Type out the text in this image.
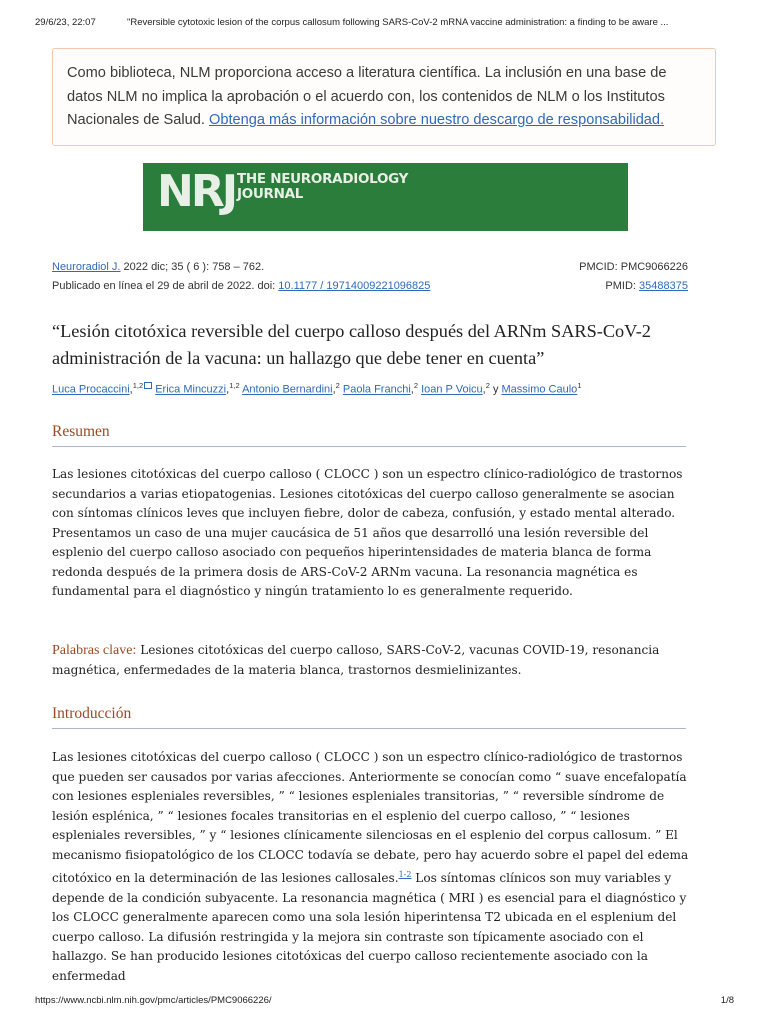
29/6/23, 22:07	"Reversible cytotoxic lesion of the corpus callosum following SARS-CoV-2 mRNA vaccine administration: a finding to be aware ...
Como biblioteca, NLM proporciona acceso a literatura científica. La inclusión en una base de datos NLM no implica la aprobación o el acuerdo con, los contenidos de NLM o los Institutos Nacionales de Salud. Obtenga más información sobre nuestro descargo de responsabilidad.
NRJ THE NEURORADIOLOGY
JOURNAL
Neuroradiol J. 2022 dic; 35 ( 6 ): 758 – 762.	PMCID: PMC9066226
Publicado en línea el 29 de abril de 2022. doi: 10.1177 / 19714009221096825	PMID: 35488375
“Lesión citotóxica reversible del cuerpo calloso después del ARNm SARS-CoV-2 administración de la vacuna: un hallazgo que debe tener en cuenta”
Luca Procaccini,$^{1,2}$ Erica Mincuzzi,$^{1,2}$ Antonio Bernardini,$^2$ Paola Franchi,$^2$ Ioan P Voicu,$^2$ y Massimo Caulo$^1$
Resumen
Las lesiones citotóxicas del cuerpo calloso ( CLOCC ) son un espectro clínico-radiológico de trastornos secundarios a varias etiopatogenias. Lesiones citotóxicas del cuerpo calloso generalmente se asocian con síntomas clínicos leves que incluyen fiebre, dolor de cabeza, confusión, y estado mental alterado. Presentamos un caso de una mujer caucásica de 51 años que desarrolló una lesión reversible del esplenio del cuerpo calloso asociado con pequeños hiperintensidades de materia blanca de forma redonda después de la primera dosis de ARS-CoV-2 ARNm vacuna. La resonancia magnética es fundamental para el diagnóstico y ningún tratamiento lo es generalmente requerido.
Palabras clave: Lesiones citotóxicas del cuerpo calloso, SARS-CoV-2, vacunas COVID-19, resonancia magnética, enfermedades de la materia blanca, trastornos desmielinizantes.
Introducción
Las lesiones citotóxicas del cuerpo calloso ( CLOCC ) son un espectro clínico-radiológico de trastornos que pueden ser causados por varias afecciones. Anteriormente se conocían como “ suave encefalopatía con lesiones espleniales reversibles, ” “ lesiones espleniales transitorias, ” “ reversible síndrome de lesión esplénica, ” “ lesiones focales transitorias en el esplenio del cuerpo calloso, ” “ lesiones espleniales reversibles, ” y “ lesiones clínicamente silenciosas en el esplenio del corpus callosum. ” El mecanismo fisiopatológico de los CLOCC todavía se debate, pero hay acuerdo sobre el papel del edema citotóxico en la determinación de las lesiones callosales.$^{1-2}$ Los síntomas clínicos son muy variables y depende de la condición subyacente. La resonancia magnética ( MRI ) es esencial para el diagnóstico y los CLOCC generalmente aparecen como una sola lesión hiperintensa T2 ubicada en el esplenium del cuerpo calloso. La difusión restringida y la mejora sin contraste son típicamente asociado con el hallazgo. Se han producido lesiones citotóxicas del cuerpo calloso recientemente asociado con la enfermedad
https://www.ncbi.nlm.nih.gov/pmc/articles/PMC9066226/	1/8
